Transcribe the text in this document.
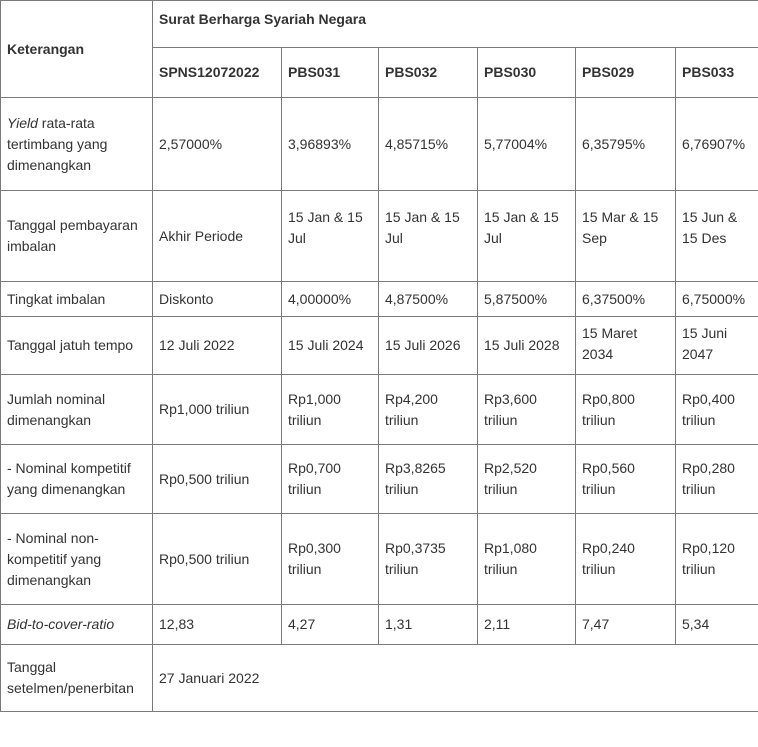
Keterangan	Surat Berharga Syariah Negara					
	SPNS12072022	PBS031	PBS032	PBS030	PBS029	PBS033
Yield rata-rata tertimbang yang dimenangkan	2,57000%	3,96893%	4,85715%	5,77004%	6,35795%	6,76907%
Tanggal pembayaran imbalan	Akhir Periode	15 Jan & 15 Jul	15 Jan & 15 Jul	15 Jan & 15 Jul	15 Mar & 15 Sep	15 Jun & 15 Des
Tingkat imbalan	Diskonto	4,00000%	4,87500%	5,87500%	6,37500%	6,75000%
Tanggal jatuh tempo	12 Juli 2022	15 Juli 2024	15 Juli 2026	15 Juli 2028	15 Maret 2034	15 Juni 2047
Jumlah nominal dimenangkan	Rp1,000 triliun	Rp1,000 triliun	Rp4,200 triliun	Rp3,600 triliun	Rp0,800 triliun	Rp0,400 triliun
- Nominal kompetitif yang dimenangkan	Rp0,500 triliun	Rp0,700 triliun	Rp3,8265 triliun	Rp2,520 triliun	Rp0,560 triliun	Rp0,280 triliun
- Nominal non-kompetitif yang dimenangkan	Rp0,500 triliun	Rp0,300 triliun	Rp0,3735 triliun	Rp1,080 triliun	Rp0,240 triliun	Rp0,120 triliun
Bid-to-cover-ratio	12,83	4,27	1,31	2,11	7,47	5,34
Tanggal setelmen/penerbitan	27 Januari 2022					
